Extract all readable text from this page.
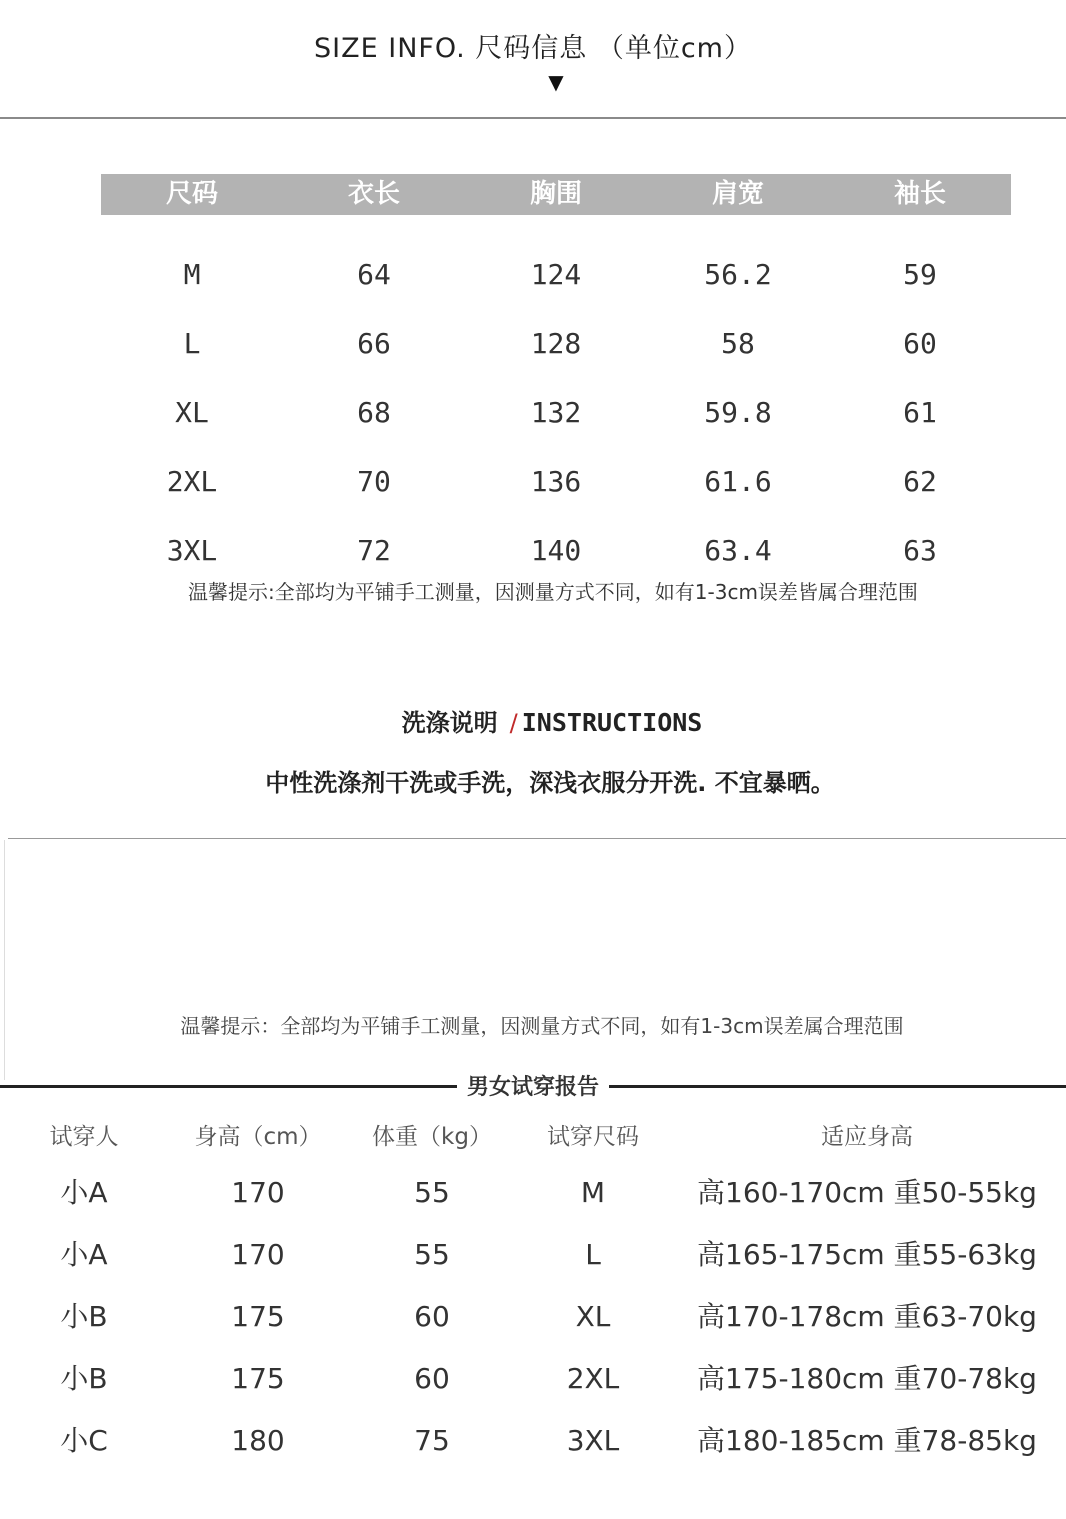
SIZE INFO. 尺码信息 （单位cm）
▼
尺码	衣长	胸围	肩宽	袖长
M	64	124	56.2	59
L	66	128	58	60
XL	68	132	59.8	61
2XL	70	136	61.6	62
3XL	72	140	63.4	63
温馨提示:全部均为平铺手工测量，因测量方式不同，如有1-3cm误差皆属合理范围
洗涤说明 / INSTRUCTIONS
中性洗涤剂干洗或手洗，深浅衣服分开洗. 不宜暴晒。
温馨提示：全部均为平铺手工测量，因测量方式不同，如有1-3cm误差属合理范围
男女试穿报告
试穿人	身高（cm）	体重（kg）	试穿尺码	适应身高
小A	170	55	M	高160-170cm 重50-55kg
小A	170	55	L	高165-175cm 重55-63kg
小B	175	60	XL	高170-178cm 重63-70kg
小B	175	60	2XL	高175-180cm 重70-78kg
小C	180	75	3XL	高180-185cm 重78-85kg
